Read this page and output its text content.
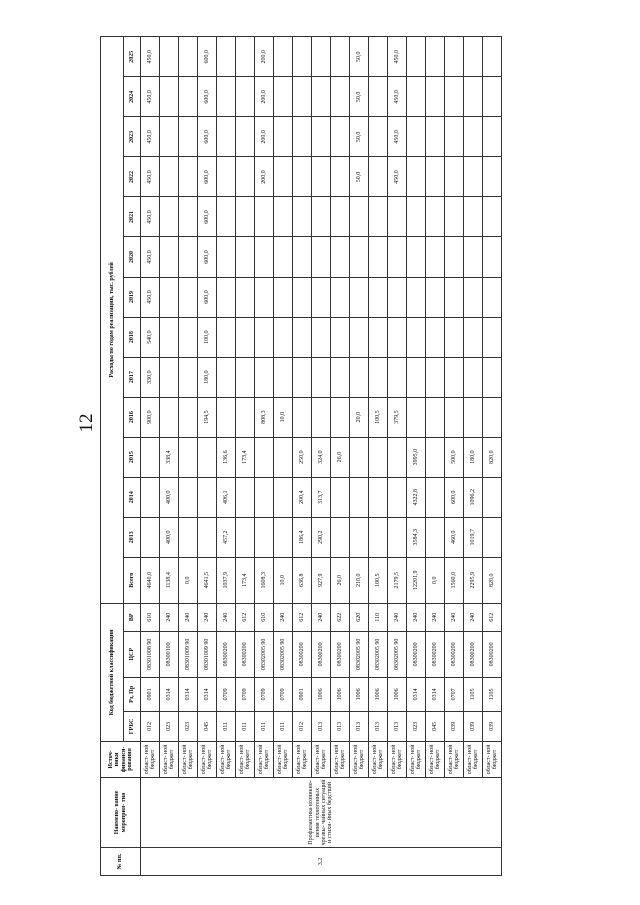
12
№ пп.	Наимено- вание мероприя- тия	Источ- ники финанси- рования	Код бюджетной классификации				Расходы по годам реализации, тыс. рублей													
			ГРБС	Рз, Пр	ЦСР	ВР	Всего	2013	2014	2015	2016	2017	2018	2019	2020	2021	2022	2023	2024	2025
3.2	Профилактика возникно- вения техногенных чрезвы- чайных ситуаций и стихи- йных бедствий	област- ной бюджет	012	0901	08301008 90	610	4640,0				900,0	330,0	540,0	450,0	450,0	450,0	450,0	450,0	450,0	450,0
		област- ной бюджет	023	0314	08300100	240	1138,4	400,0	400,0	338,4										
		област- ной бюджет	023	0314	08301009 90	240	0,0													
		област- ной бюджет	045	0314	08301009 90	240	4641,5				194,5	180,0	100,0	600,0	600,0	600,0	600,0	600,0	600,0	600,0
		област- ной бюджет	011	0709	08300200	240	1037,9	457,2	406,1	136,6										
		област- ной бюджет	011	0709	08300200	612	173,4			173,4										
		област- ной бюджет	011	0709	08302005 90	610	1608,3				808,3						200,0	200,0	200,0	200,0
		област- ной бюджет	011	0709	08302005 90	240	10,0				10,0									
		област- ной бюджет	012	0901	08300200	612	636,8	186,4	200,4	250,0										
		област- ной бюджет	013	1006	08300200	240	927,9	290,2	313,7	324,0										
		област- ной бюджет	013	1006	08300200	622	26,0			26,0										
		област- ной бюджет	013	1006	08302005 90	620	210,0				20,0						50,0	50,0	50,0	50,0
		област- ной бюджет	013	1006	08302005 90	110	100,5				100,5									
		област- ной бюджет	013	1006	08302005 90	240	2179,5				379,5						450,0	450,0	450,0	450,0
		област- ной бюджет	023	0314	08300200	240	12201,9	3584,3	4322,8	3995,0										
		област- ной бюджет	045	0314	08300200	240	0,0													
		област- ной бюджет	039	0707	08300200	240	1560,0	460,0	600,0	500,0										
		област- ной бюджет	039	1105	08300200	240	2295,9	1019,7	1096,2	180,0										
		област- ной бюджет	039	1105	08300200	612	820,0			820,0										
